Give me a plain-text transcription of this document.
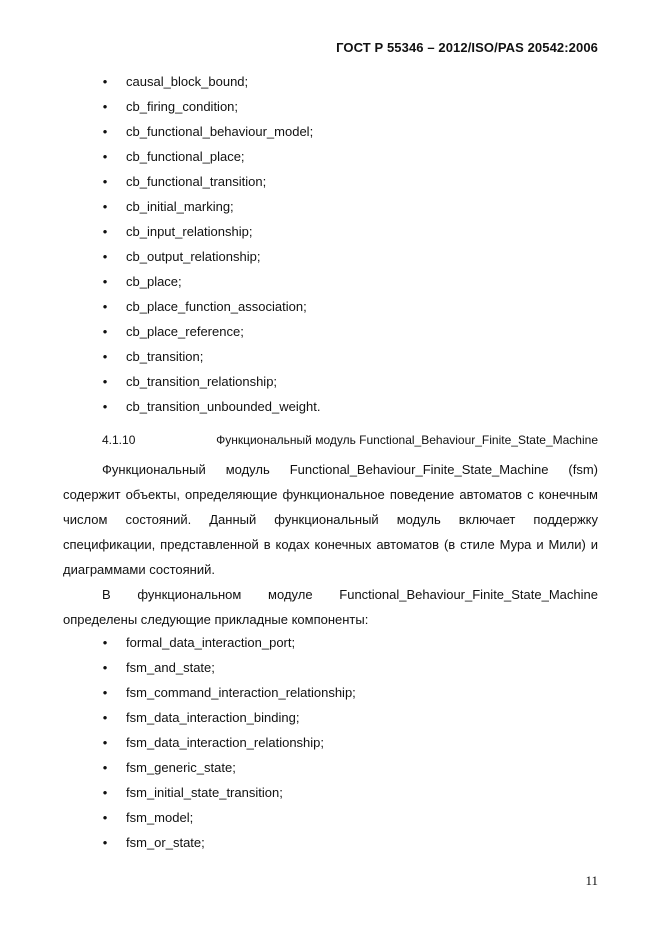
ГОСТ Р 55346 – 2012/ISO/PAS 20542:2006
• causal_block_bound;
• cb_firing_condition;
• cb_functional_behaviour_model;
• cb_functional_place;
• cb_functional_transition;
• cb_initial_marking;
• cb_input_relationship;
• cb_output_relationship;
• cb_place;
• cb_place_function_association;
• cb_place_reference;
• cb_transition;
• cb_transition_relationship;
• cb_transition_unbounded_weight.
4.1.10	Функциональный модуль Functional_Behaviour_Finite_State_Machine

Функциональный модуль Functional_Behaviour_Finite_State_Machine (fsm) содержит объекты, определяющие функциональное поведение автоматов с конечным числом состояний. Данный функциональный модуль включает поддержку спецификации, представленной в кодах конечных автоматов (в стиле Мура и Мили) и диаграммами состояний.

В функциональном модуле Functional_Behaviour_Finite_State_Machine определены следующие прикладные компоненты:

• formal_data_interaction_port;
• fsm_and_state;
• fsm_command_interaction_relationship;
• fsm_data_interaction_binding;
• fsm_data_interaction_relationship;
• fsm_generic_state;
• fsm_initial_state_transition;
• fsm_model;
• fsm_or_state;
11
